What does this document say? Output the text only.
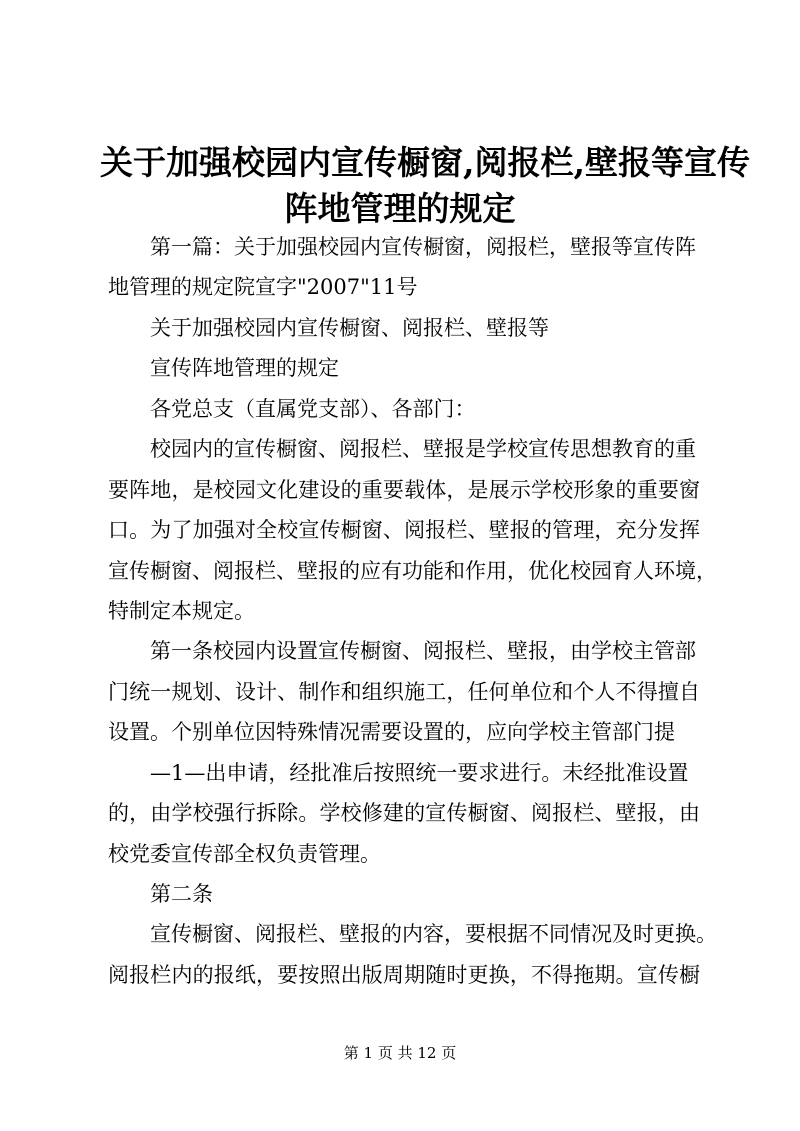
关于加强校园内宣传橱窗,阅报栏,壁报等宣传
阵地管理的规定
第一篇：关于加强校园内宣传橱窗，阅报栏，壁报等宣传阵
地管理的规定院宣字"2007"11号
关于加强校园内宣传橱窗、阅报栏、壁报等
宣传阵地管理的规定
各党总支（直属党支部）、各部门：
校园内的宣传橱窗、阅报栏、壁报是学校宣传思想教育的重
要阵地，是校园文化建设的重要载体，是展示学校形象的重要窗
口。为了加强对全校宣传橱窗、阅报栏、壁报的管理，充分发挥
宣传橱窗、阅报栏、壁报的应有功能和作用，优化校园育人环境，
特制定本规定。
第一条校园内设置宣传橱窗、阅报栏、壁报，由学校主管部
门统一规划、设计、制作和组织施工，任何单位和个人不得擅自
设置。个别单位因特殊情况需要设置的，应向学校主管部门提
—1—出申请，经批准后按照统一要求进行。未经批准设置
的，由学校强行拆除。学校修建的宣传橱窗、阅报栏、壁报，由
校党委宣传部全权负责管理。
第二条
宣传橱窗、阅报栏、壁报的内容，要根据不同情况及时更换。
阅报栏内的报纸，要按照出版周期随时更换，不得拖期。宣传橱
第 1 页 共 12 页
